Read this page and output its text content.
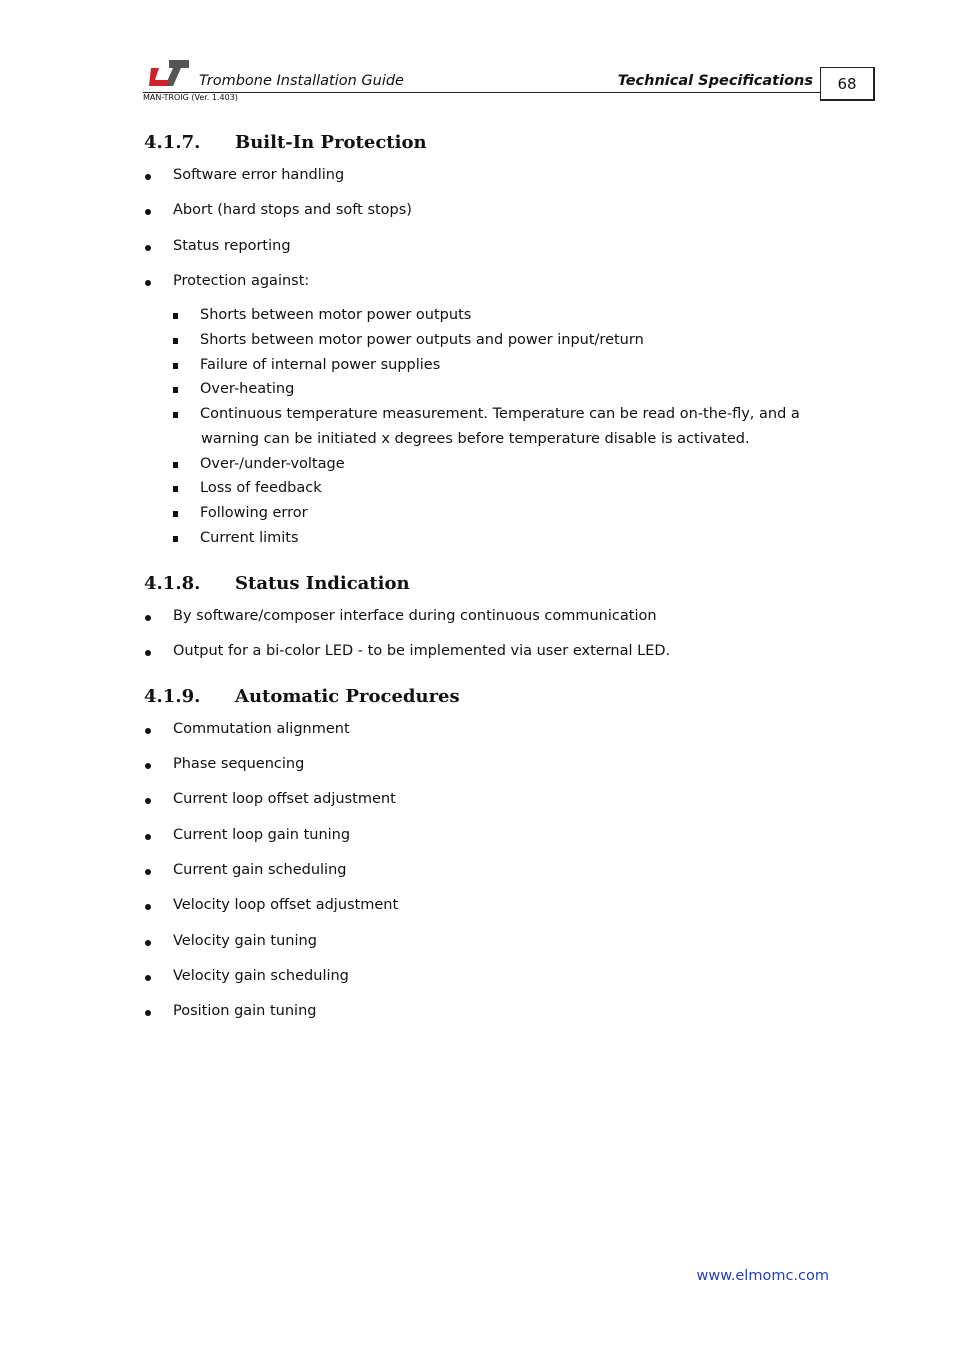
Trombone Installation Guide	Technical Specifications	68
MAN-TROIG (Ver. 1.403)
4.1.7. Built-In Protection
Software error handling
Abort (hard stops and soft stops)
Status reporting
Protection against:
Shorts between motor power outputs
Shorts between motor power outputs and power input/return
Failure of internal power supplies
Over-heating
Continuous temperature measurement. Temperature can be read on-the-fly, and a
warning can be initiated x degrees before temperature disable is activated.
Over-/under-voltage
Loss of feedback
Following error
Current limits
4.1.8. Status Indication
By software/composer interface during continuous communication
Output for a bi-color LED - to be implemented via user external LED.
4.1.9. Automatic Procedures
Commutation alignment
Phase sequencing
Current loop offset adjustment
Current loop gain tuning
Current gain scheduling
Velocity loop offset adjustment
Velocity gain tuning
Velocity gain scheduling
Position gain tuning
www.elmomc.com
